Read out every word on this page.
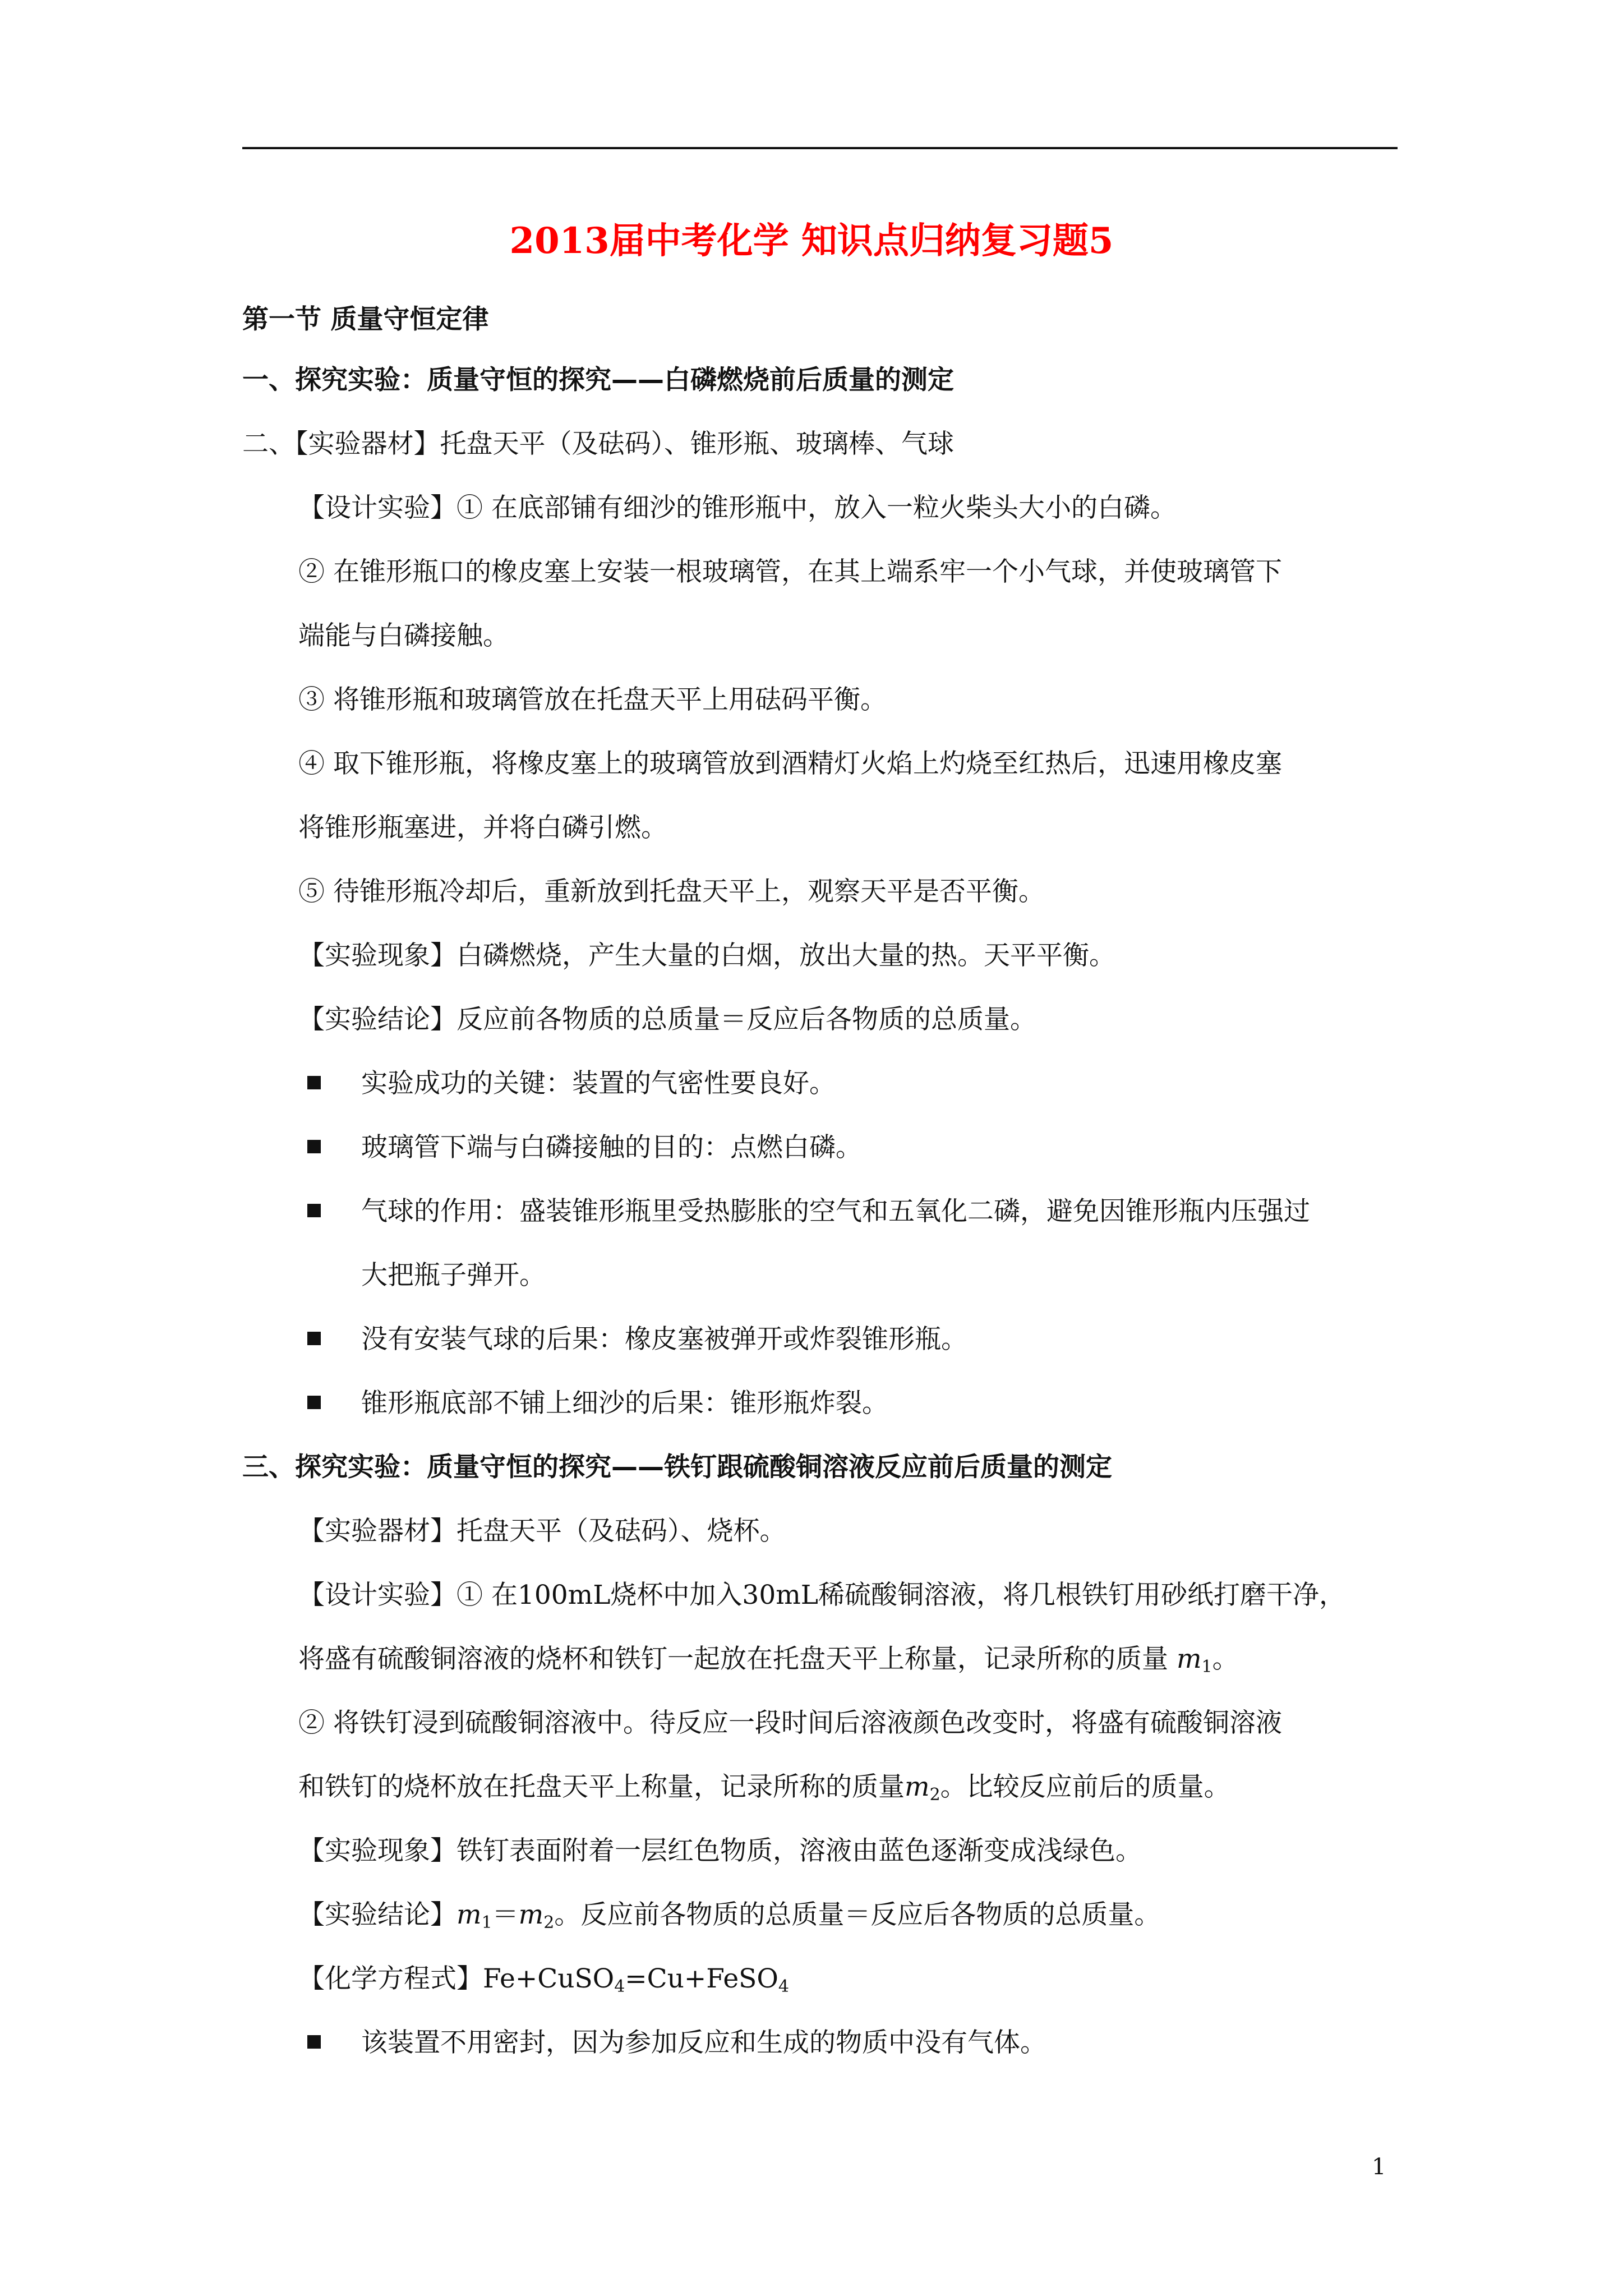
2013届中考化学 知识点归纳复习题5

第一节 质量守恒定律

一、探究实验：质量守恒的探究——白磷燃烧前后质量的测定

二、【实验器材】托盘天平（及砝码）、锥形瓶、玻璃棒、气球

【设计实验】① 在底部铺有细沙的锥形瓶中，放入一粒火柴头大小的白磷。

② 在锥形瓶口的橡皮塞上安装一根玻璃管，在其上端系牢一个小气球，并使玻璃管下

端能与白磷接触。

③ 将锥形瓶和玻璃管放在托盘天平上用砝码平衡。

④ 取下锥形瓶，将橡皮塞上的玻璃管放到酒精灯火焰上灼烧至红热后，迅速用橡皮塞

将锥形瓶塞进，并将白磷引燃。

⑤ 待锥形瓶冷却后，重新放到托盘天平上，观察天平是否平衡。

【实验现象】白磷燃烧，产生大量的白烟，放出大量的热。天平平衡。

【实验结论】反应前各物质的总质量＝反应后各物质的总质量。

实验成功的关键：装置的气密性要良好。

玻璃管下端与白磷接触的目的：点燃白磷。

气球的作用：盛装锥形瓶里受热膨胀的空气和五氧化二磷，避免因锥形瓶内压强过

大把瓶子弹开。

没有安装气球的后果：橡皮塞被弹开或炸裂锥形瓶。

锥形瓶底部不铺上细沙的后果：锥形瓶炸裂。

三、探究实验：质量守恒的探究——铁钉跟硫酸铜溶液反应前后质量的测定

【实验器材】托盘天平（及砝码）、烧杯。

【设计实验】① 在100mL烧杯中加入30mL稀硫酸铜溶液，将几根铁钉用砂纸打磨干净，

将盛有硫酸铜溶液的烧杯和铁钉一起放在托盘天平上称量，记录所称的质量 $m_1$。

② 将铁钉浸到硫酸铜溶液中。待反应一段时间后溶液颜色改变时，将盛有硫酸铜溶液

和铁钉的烧杯放在托盘天平上称量，记录所称的质量$m_2$。比较反应前后的质量。

【实验现象】铁钉表面附着一层红色物质，溶液由蓝色逐渐变成浅绿色。

【实验结论】$m_1=m_2$。反应前各物质的总质量＝反应后各物质的总质量。

【化学方程式】Fe+CuSO$_4$=Cu+FeSO$_4$

该装置不用密封，因为参加反应和生成的物质中没有气体。

1
